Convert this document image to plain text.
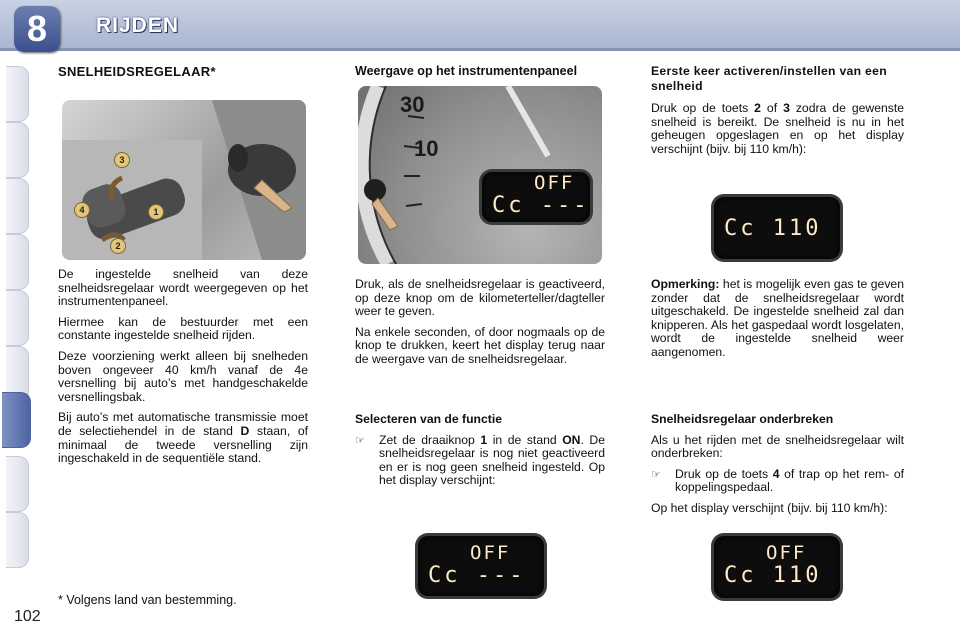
8	RIJDEN
102
SNELHEIDSREGELAAR*
3
4	1
2

De ingestelde snelheid van deze snelheidsregelaar wordt weergegeven op het instrumentenpaneel.

Hiermee kan de bestuurder met een constante ingestelde snelheid rijden.

Deze voorziening werkt alleen bij snelheden boven ongeveer 40 km/h vanaf de 4e versnelling bij auto’s met handgeschakelde versnellingsbak.

Bij auto’s met automatische transmissie moet de selectiehendel in de stand D staan, of minimaal de tweede versnelling zijn ingeschakeld in de sequentiële stand.

* Volgens land van bestemming.
Weergave op het instrumentenpaneel
30
10
OFF
Cc ---

Druk, als de snelheidsregelaar is geactiveerd, op deze knop om de kilometerteller/dagteller weer te geven.

Na enkele seconden, of door nogmaals op de knop te drukken, keert het display terug naar de weergave van de snelheidsregelaar.

Selecteren van de functie
☞	Zet de draaiknop 1 in de stand ON. De snelheidsregelaar is nog niet geactiveerd en er is nog geen snelheid ingesteld. Op het display verschijnt:
OFF
Cc ---
Eerste keer activeren/instellen van een snelheid

Druk op de toets 2 of 3 zodra de gewenste snelheid is bereikt. De snelheid is nu in het geheugen opgeslagen en op het display verschijnt (bijv. bij 110 km/h):

Cc 110

Opmerking: het is mogelijk even gas te geven zonder dat de snelheidsregelaar wordt uitgeschakeld. De ingestelde snelheid zal dan knipperen. Als het gaspedaal wordt losgelaten, wordt de ingestelde snelheid weer aangenomen.

Snelheidsregelaar onderbreken

Als u het rijden met de snelheidsregelaar wilt onderbreken:

☞	Druk op de toets 4 of trap op het rem- of koppelingspedaal.

Op het display verschijnt (bijv. bij 110 km/h):

OFF
Cc 110
